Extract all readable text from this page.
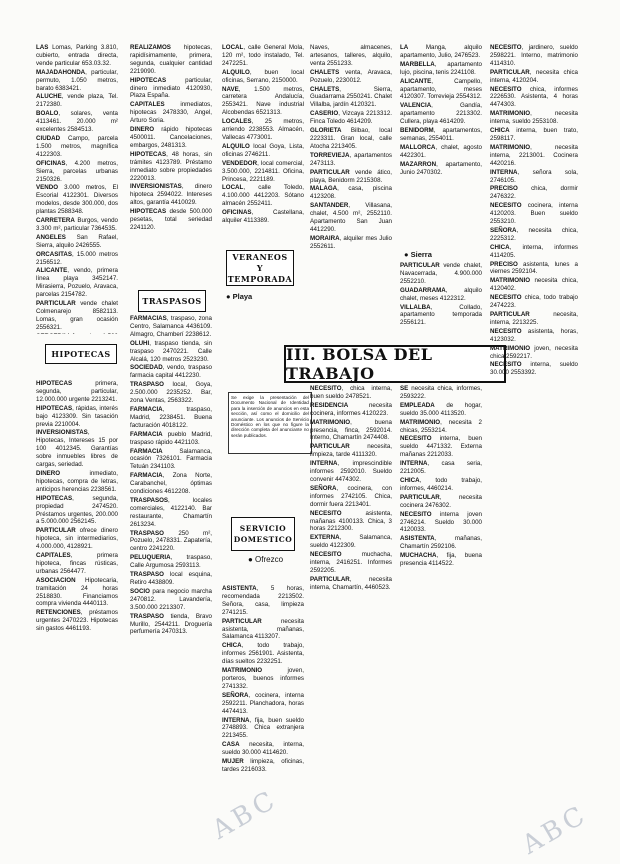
LAS Lomas, Parking 3.810, cubierto, entrada directa, vende particular 653.03.32.

MAJADAHONDA, particular, permuto, 1.050 metros, barato 6383421.

ALUCHE, vende plaza, Tel. 2172380.

BOALO, solares, venta 4113461. 20.000 m² excelentes 2584513.

CIUDAD Campo, parcela 1.500 metros, magnífica 4122303.

OFICINAS, 4.200 metros, Sierra, parcelas urbanas 2150326.

VENDO 3.000 metros, El Escorial 4122301. Diversos modelos, desde 300.000, dos plantas 2588348.

CARRETERA Burgos, vendo 3.300 m², particular 7364535.

ANGELES San Rafael, Sierra, alquilo 2426555.

ORCASITAS, 15.000 metros 2156512.

ALICANTE, vendo, primera línea playa 3452147. Mirasierra, Pozuelo, Aravaca, parcelas 2154782.

PARTICULAR vende chalet Colmenarejo 8582113. Lomas, gran ocasión 2556321.

HIPOTECAS

HIPOTECAS primera, segunda, particular, 12.000.000 urgente 2213241.

HIPOTECAS, rápidas, interés bajo 4123309. Sin tasación previa 2210004.

INVERSIONISTAS, Hipotecas, Intereses 15 por 100 4012345. Garantías sobre inmuebles libres de cargas, seriedad.

DINERO inmediato, hipotecas, compra de letras, anticipos herencias 2238561.

HIPOTECAS, segunda, propiedad 2474520. Préstamos urgentes, 200.000 a 5.000.000 2562145.

PARTICULAR ofrece dinero hipoteca, sin intermediarios, 4.000.000, 4128921.

CAPITALES, primera hipoteca, fincas rústicas, urbanas 2564477.

ASOCIACION Hipotecaria, tramitación 24 horas 2518830. Financiamos compra vivienda 4440113.

RETENCIONES, préstamos urgentes 2470223. Hipotecas sin gastos 4461193.

REALIZAMOS hipotecas, rapidísimamente, primera, segunda, cualquier cantidad 2219090.

HIPOTECAS particular, dinero inmediato 4120930, Plaza España.

CAPITALES inmediatos, hipotecas 2478330, Angel, Arturo Soria.

DINERO rápido hipotecas 4500011. Cancelaciones, embargos, 2481313.

HIPOTECAS, 48 horas, sin trámites 4123789. Préstamo inmediato sobre propiedades 2220013.

INVERSIONISTAS, dinero hipoteca 2594022. Intereses altos, garantía 4410029.

HIPOTECAS desde 500.000 pesetas, total seriedad 2241120.

TRASPASOS

FARMACIAS, traspaso, zona Centro, Salamanca 4436109. Almagro, Chamberí 2238612.

OLUHI, traspaso tienda, sin traspaso 2470221. Calle Alcalá, 120 metros 2523230.

SOCIEDAD, vendo, traspaso farmacia capital 4412230.

TRASPASO local, Goya, 2.500.000 2235252. Bar, zona Ventas, 2563322.

FARMACIA, traspaso, Madrid, 2238451. Buena facturación 4018122.

FARMACIA pueblo Madrid, traspaso rápido 4421103.

FARMACIA Salamanca, ocasión 7326101. Farmacia Tetuán 2341103.

FARMACIA, Zona Norte, Carabanchel, óptimas condiciones 4612208.

TRASPASOS, locales comerciales, 4122140. Bar restaurante, Chamartín 2613234.

TRASPASO 250 m², Pozuelo, 2478331. Zapatería, centro 2241220.

PELUQUERIA, traspaso, Calle Argumosa 2593113.

TRASPASO local esquina, Retiro 4438809.

SOCIO para negocio marcha 2470812. Lavandería, 3.500.000 2213307.

TRASPASO tienda, Bravo Murillo, 2544211. Droguería perfumería 2470313.

LOCAL, calle General Mola, 120 m², todo instalado, Tel. 2472251.

ALQUILO, buen local oficinas, Serrano, 2150000.

NAVE, 1.500 metros, carretera Andalucía, 2553421. Nave industrial Alcobendas 6521313.

LOCALES, 25 metros, arriendo 2238553. Almacén, Vallecas 4773001.

ALQUILO local Goya, Lista, oficinas 2746211.

VENDEDOR, local comercial, 3.500.000, 2214811. Oficina, Princesa, 2221189.

LOCAL, calle Toledo, 4.100.000 4412203. Sótano almacén 2552411.

OFICINAS, Castellana, alquiler 4113389.

VERANEOS
Y TEMPORADA
● Playa
III. BOLSA DEL TRABAJO
Se exige la presentación del Documento Nacional de Identidad para la inserción de anuncios en esta sección, así como el domicilio del anunciante. Los anuncios de Servicio Doméstico en los que no figure la dirección completa del anunciante no serán publicados.
SERVICIO
DOMESTICO
● Ofrezco

ASISTENTA, 5 horas, recomendada 2213502. Señora, casa, limpieza 2741215.

PARTICULAR necesita asistenta, mañanas, Salamanca 4113207.

CHICA, todo trabajo, informes 2561901. Asistenta, días sueltos 2232251.

MATRIMONIO joven, porteros, buenos informes 2741332.

SEÑORA, cocinera, interna 2592211. Planchadora, horas 4474413.

INTERNA, fija, buen sueldo 2748893. Chica extranjera 2213455.

CASA necesita, interna, sueldo 30.000 4114620.

MUJER limpieza, oficinas, tardes 2216033.

Naves, almacenes, artesanos, talleres, alquilo, venta 2551233.

CHALETS venta, Aravaca, Pozuelo, 2230012.

CHALETS, Sierra, Guadarrama 2550241. Chalet Villalba, jardín 4120321.

CASERIO, Vizcaya 2213312. Finca Toledo 4614209.

GLORIETA Bilbao, local 2223311. Gran local, calle Atocha 2213405.

TORREVIEJA, apartamentos 2473113.

PARTICULAR vende ático, playa, Benidorm 2215308.

MALAGA, casa, piscina 4123208.

SANTANDER, Villasana, chalet, 4.500 m², 2552110. Apartamento San Juan 4412290.

MORAIRA, alquiler mes Julio 2552611.

NECESITO, chica interna, buen sueldo 2478521.

RESIDENCIA necesita cocinera, informes 4120223.

MATRIMONIO, buena presencia, finca, 2592014. Interno, Chamartín 2474408.

PARTICULAR necesita, limpieza, tarde 4111320.

INTERNA, imprescindible informes 2592010. Sueldo convenir 4474302.

SEÑORA, cocinera, con informes 2742105. Chica, dormir fuera 2213401.

NECESITO asistenta, mañanas 4100133. Chica, 3 horas 2212300.

EXTERNA, Salamanca, sueldo 4122309.

NECESITO muchacha, interna, 2416251. Informes 2592205.

PARTICULAR, necesita interna, Chamartín, 4460523.

LA Manga, alquilo apartamento, Julio, 2476523.

MARBELLA, apartamento lujo, piscina, tenis 2241108.

ALICANTE, Campello, apartamento, meses 4120307. Torrevieja 2554312.

VALENCIA, Gandía, apartamento 2213302. Cullera, playa 4614209.

BENIDORM, apartamentos, semanas, 2554011.

MALLORCA, chalet, agosto 4422301.

MAZARRON, apartamento, Junio 2470302.

● Sierra

PARTICULAR vende chalet, Navacerrada, 4.900.000 2552210.

GUADARRAMA, alquilo chalet, meses 4122312.

VILLALBA, Collado, apartamento temporada 2556121.

SE necesita chica, informes, 2593222.

EMPLEADA de hogar, sueldo 35.000 4113520.

MATRIMONIO, necesita 2 chicas, 2553214.

NECESITO interna, buen sueldo 4471332. Externa mañanas 2212033.

INTERNA, casa seria, 2212005.

CHICA, todo trabajo, informes, 4460214.

PARTICULAR, necesita cocinera 2476302.

NECESITO interna joven 2746214. Sueldo 30.000 4120033.

ASISTENTA, mañanas, Chamartín 2592106.

MUCHACHA, fija, buena presencia 4114522.

NECESITO, jardinero, sueldo 2598221. Interno, matrimonio 4114310.

PARTICULAR, necesita chica interna, 4120204.

NECESITO chica, informes 2226530. Asistenta, 4 horas 4474303.

MATRIMONIO, necesita interna, sueldo 2553108.

CHICA interna, buen trato, 2598117.

MATRIMONIO, necesita interna, 2213001. Cocinera 4420216.

INTERNA, señora sola, 2746105.

PRECISO chica, dormir 2476322.

NECESITO cocinera, interna 4120203. Buen sueldo 2553210.

SEÑORA, necesita chica, 2225312.

CHICA, interna, informes 4114205.

PRECISO asistenta, lunes a viernes 2592104.

MATRIMONIO necesita chica, 4120402.

NECESITO chica, todo trabajo 2474223.

PARTICULAR necesita, interna, 2213225.

NECESITO asistenta, horas, 4123032.

MATRIMONIO joven, necesita chica 2592217.

NECESITO interna, sueldo 30.000 2553392.

ABC	ABC
